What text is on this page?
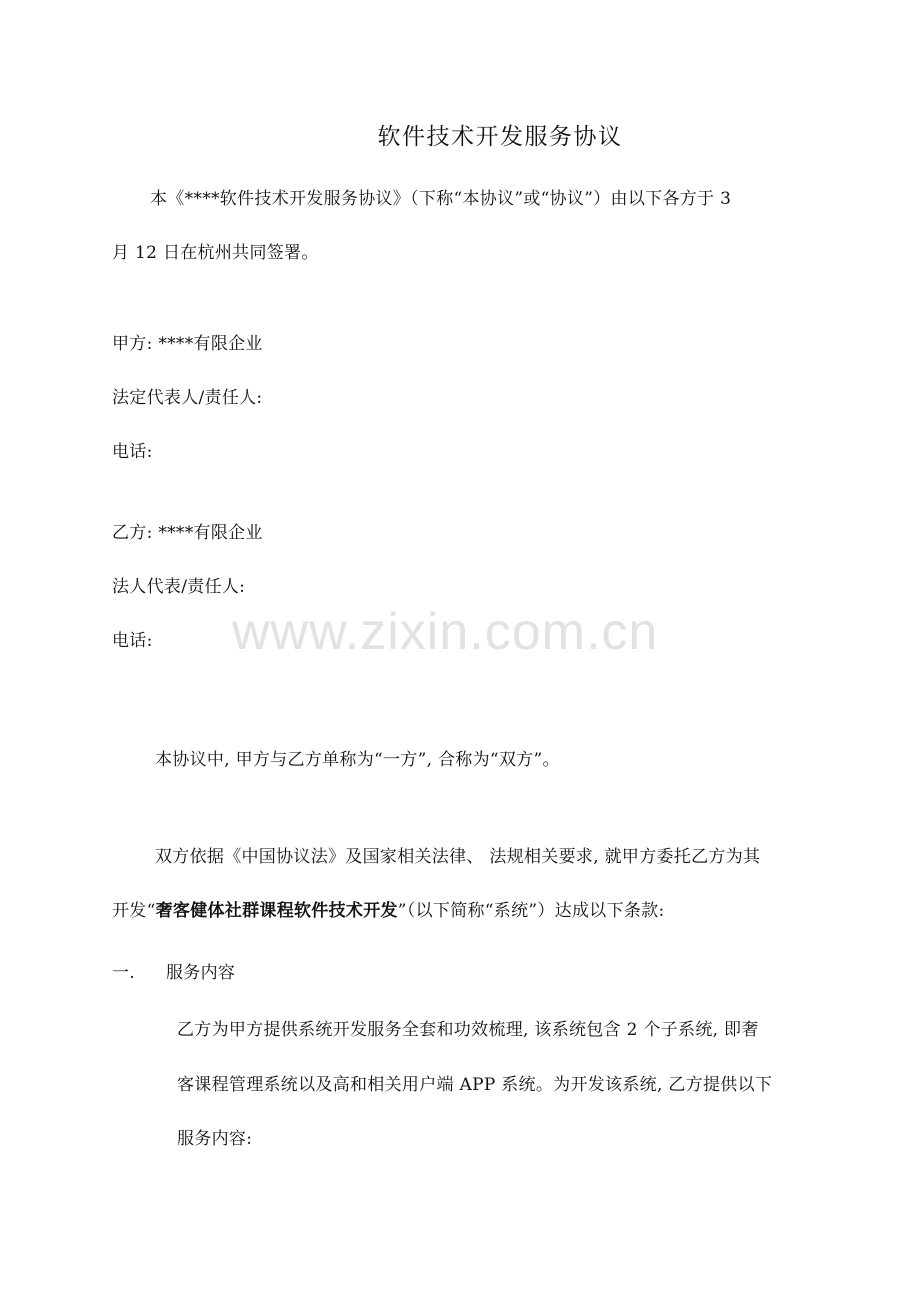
软件技术开发服务协议
本《****软件技术开发服务协议》（下称“本协议”或“协议”）由以下各方于 3
月 12 日在杭州共同签署。
甲方: ****有限企业
法定代表人/责任人:
电话:
乙方: ****有限企业
法人代表/责任人:
电话: www.zixin.com.cn
本协议中, 甲方与乙方单称为“一方”, 合称为“双方”。
双方依据《中国协议法》及国家相关法律、 法规相关要求, 就甲方委托乙方为其
开发“奢客健体社群课程软件技术开发”（以下简称“系统”）达成以下条款:
一. 服务内容
乙方为甲方提供系统开发服务全套和功效梳理, 该系统包含 2 个子系统, 即奢
客课程管理系统以及高和相关用户端 APP 系统。为开发该系统, 乙方提供以下
服务内容:
